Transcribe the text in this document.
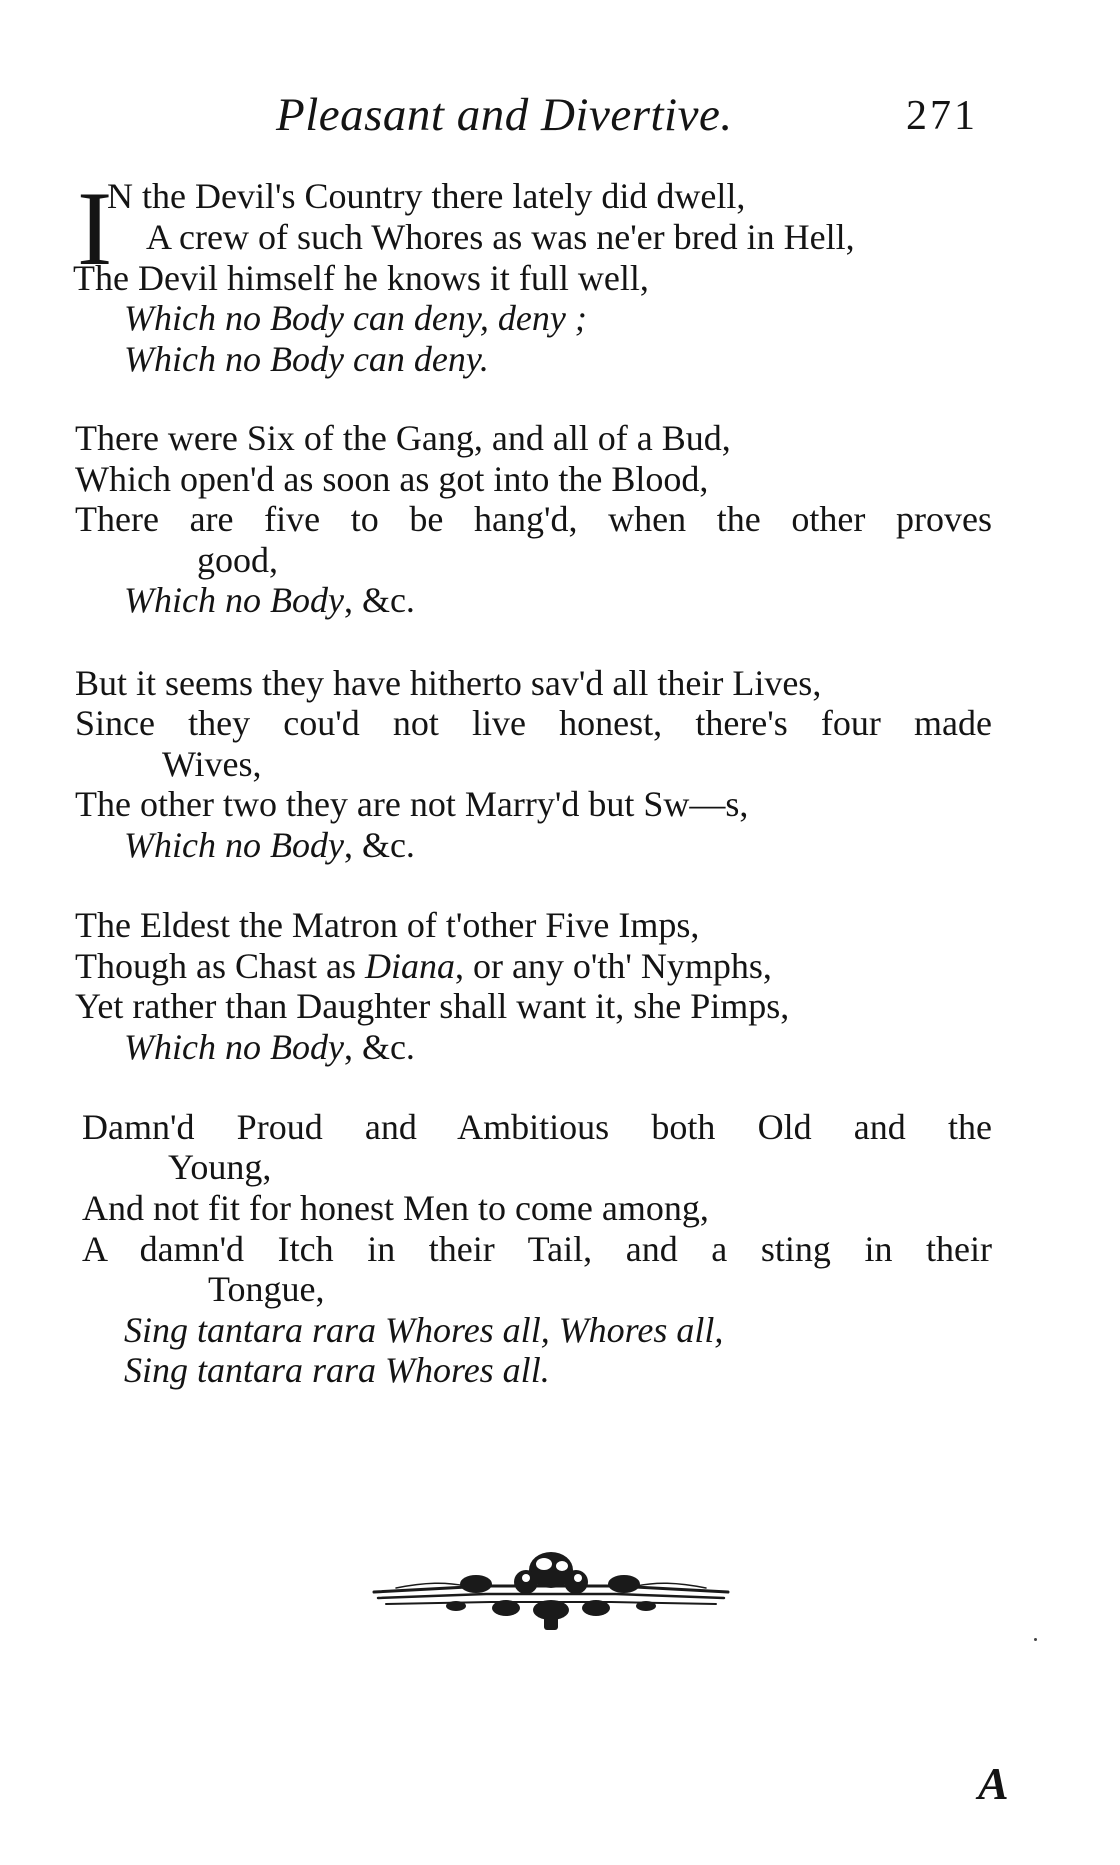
Pleasant and Divertive.	271
I

N the Devil's Country there lately did dwell,

A crew of such Whores as was ne'er bred in Hell,

The Devil himself he knows it full well,

Which no Body can deny, deny ;

Which no Body can deny.

There were Six of the Gang, and all of a Bud,

Which open'd as soon as got into the Blood,

There are five to be hang'd, when the other proves

good,

Which no Body, &c.

But it seems they have hitherto sav'd all their Lives,

Since they cou'd not live honest, there's four made

Wives,

The other two they are not Marry'd but Sw—s,

Which no Body, &c.

The Eldest the Matron of t'other Five Imps,

Though as Chast as Diana, or any o'th' Nymphs,

Yet rather than Daughter shall want it, she Pimps,

Which no Body, &c.

Damn'd Proud and Ambitious both Old and the

Young,

And not fit for honest Men to come among,

A damn'd Itch in their Tail, and a sting in their

Tongue,

Sing tantara rara Whores all, Whores all,

Sing tantara rara Whores all.

A
